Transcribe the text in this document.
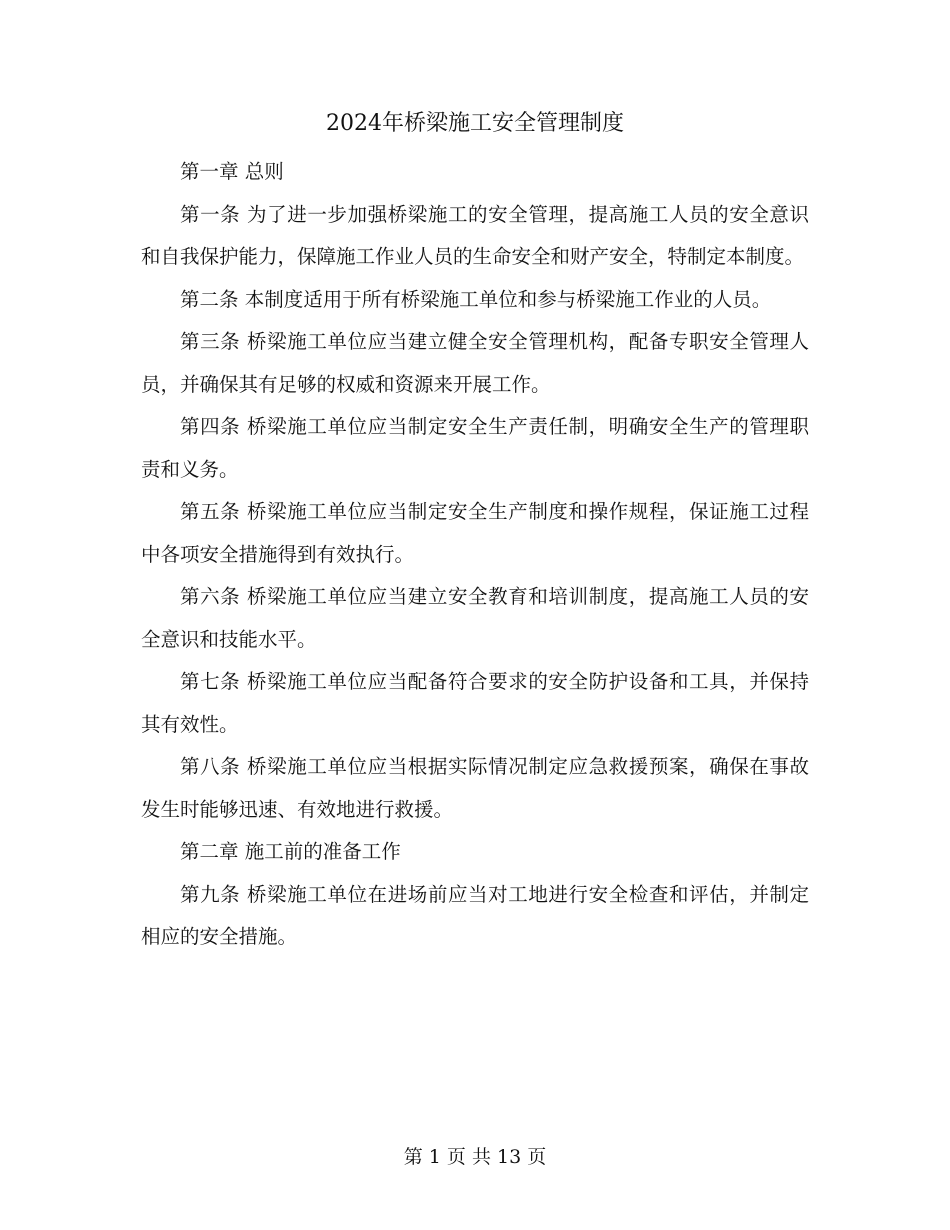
2024年桥梁施工安全管理制度

第一章 总则

第一条 为了进一步加强桥梁施工的安全管理，提高施工人员的安全意识和自我保护能力，保障施工作业人员的生命安全和财产安全，特制定本制度。

第二条 本制度适用于所有桥梁施工单位和参与桥梁施工作业的人员。

第三条 桥梁施工单位应当建立健全安全管理机构，配备专职安全管理人员，并确保其有足够的权威和资源来开展工作。

第四条 桥梁施工单位应当制定安全生产责任制，明确安全生产的管理职责和义务。

第五条 桥梁施工单位应当制定安全生产制度和操作规程，保证施工过程中各项安全措施得到有效执行。

第六条 桥梁施工单位应当建立安全教育和培训制度，提高施工人员的安全意识和技能水平。

第七条 桥梁施工单位应当配备符合要求的安全防护设备和工具，并保持其有效性。

第八条 桥梁施工单位应当根据实际情况制定应急救援预案，确保在事故发生时能够迅速、有效地进行救援。

第二章 施工前的准备工作

第九条 桥梁施工单位在进场前应当对工地进行安全检查和评估，并制定相应的安全措施。

第 1 页 共 13 页
